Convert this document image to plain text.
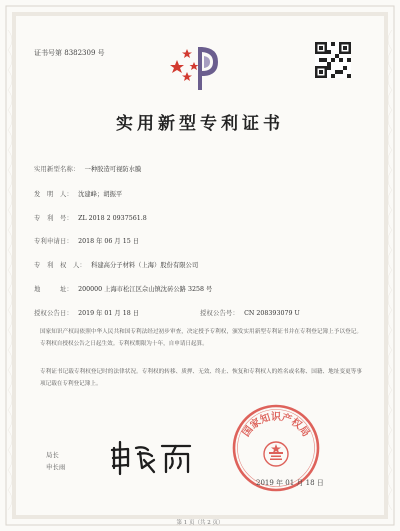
证书号第 8382309 号
实用新型专利证书
实用新型名称： 一种胶造可视防水膜
发　明　人： 沈建峰；胡振平
专　利　号： ZL 2018 2 0937561.8
专利申请日： 2018 年 06 月 15 日
专　利　权　人： 科建高分子材料（上海）股份有限公司
地　　　址： 200000 上海市松江区佘山镇沈砖公路 3258 号
授权公告日： 2019 年 01 月 18 日	授权公告号： CN 208393079 U
国家知识产权局依照中华人民共和国专利法经过初步审查，决定授予专利权，颁发实用新型专利证书并在专利登记簿上予以登记。专利权自授权公告之日起生效。专利权期限为十年，自申请日起算。
专利证书记载专利权登记时的法律状况。专利权的转移、质押、无效、终止、恢复和专利权人的姓名或名称、国籍、地址变更等事项记载在专利登记簿上。
国家知识产权局
局长
申长雨
2019 年 01 月 18 日
第 1 页（共 2 页）
